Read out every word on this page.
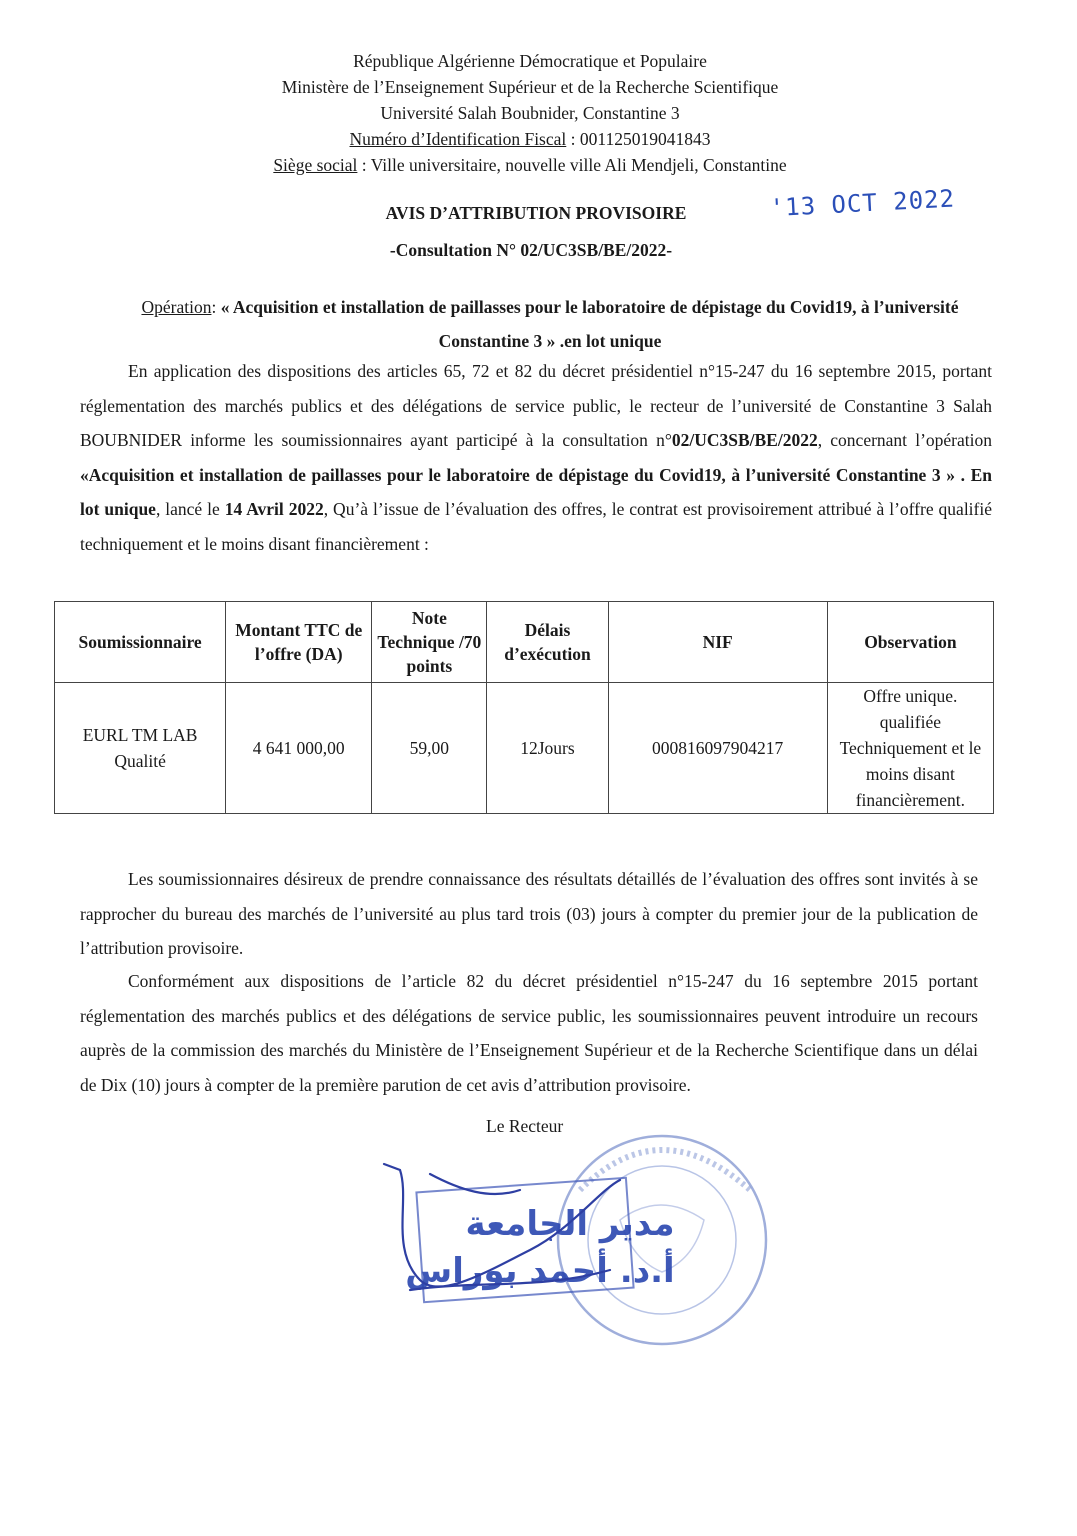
République Algérienne Démocratique et Populaire
Ministère de l’Enseignement Supérieur et de la Recherche Scientifique
Université Salah Boubnider, Constantine 3
Numéro d’Identification Fiscal : 001125019041843
Siège social : Ville universitaire, nouvelle ville Ali Mendjeli, Constantine
AVIS D’ATTRIBUTION PROVISOIRE	'13 OCT 2022
-Consultation N° 02/UC3SB/BE/2022-
Opération: « Acquisition et installation de paillasses pour le laboratoire de dépistage du Covid19, à l’université Constantine 3 » .en lot unique

En application des dispositions des articles 65, 72 et 82 du décret présidentiel n°15-247 du 16 septembre 2015, portant réglementation des marchés publics et des délégations de service public, le recteur de l’université de Constantine 3 Salah BOUBNIDER informe les soumissionnaires ayant participé à la consultation n°02/UC3SB/BE/2022, concernant l’opération «Acquisition et installation de paillasses pour le laboratoire de dépistage du Covid19, à l’université Constantine 3 » . En lot unique, lancé le 14 Avril 2022, Qu’à l’issue de l’évaluation des offres, le contrat est provisoirement attribué à l’offre qualifié techniquement et le moins disant financièrement :

Soumissionnaire	Montant TTC de l’offre (DA)	Note Technique /70 points	Délais d’exécution	NIF	Observation
EURL TM LAB Qualité	4 641 000,00	59,00	12Jours	000816097904217	Offre unique. qualifiée Techniquement et le moins disant financièrement.

Les soumissionnaires désireux de prendre connaissance des résultats détaillés de l’évaluation des offres sont invités à se rapprocher du bureau des marchés de l’université au plus tard trois (03) jours à compter du premier jour de la publication de l’attribution provisoire.

Conformément aux dispositions de l’article 82 du décret présidentiel n°15-247 du 16 septembre 2015 portant réglementation des marchés publics et des délégations de service public, les soumissionnaires peuvent introduire un recours auprès de la commission des marchés du Ministère de l’Enseignement Supérieur et de la Recherche Scientifique dans un délai de Dix (10) jours à compter de la première parution de cet avis d’attribution provisoire.

Le Recteur
مدير الجامعة
أ.د. أحمد بوراس
